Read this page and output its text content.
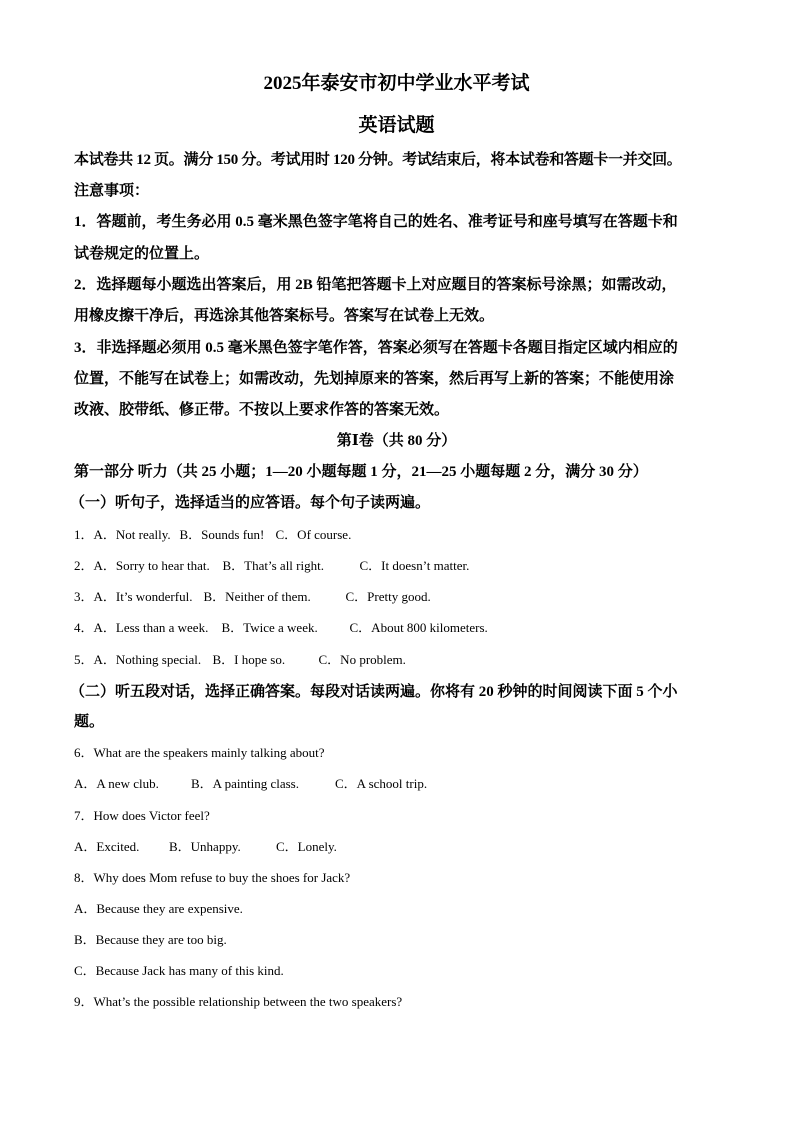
2025年泰安市初中学业水平考试
英语试题
本试卷共 12 页。满分 150 分。考试用时 120 分钟。考试结束后，将本试卷和答题卡一并交回。
注意事项：
1．答题前，考生务必用 0.5 毫米黑色签字笔将自己的姓名、准考证号和座号填写在答题卡和
试卷规定的位置上。
2．选择题每小题选出答案后，用 2B 铅笔把答题卡上对应题目的答案标号涂黑；如需改动，
用橡皮擦干净后，再选涂其他答案标号。答案写在试卷上无效。
3．非选择题必须用 0.5 毫米黑色签字笔作答，答案必须写在答题卡各题目指定区域内相应的
位置，不能写在试卷上；如需改动，先划掉原来的答案，然后再写上新的答案；不能使用涂
改液、胶带纸、修正带。不按以上要求作答的答案无效。
第Ⅰ卷（共 80 分）
第一部分 听力（共 25 小题；1—20 小题每题 1 分，21—25 小题每题 2 分，满分 30 分）
（一）听句子，选择适当的应答语。每个句子读两遍。
1．A．Not really. B．Sounds fun! C．Of course.
2．A．Sorry to hear that. B．That’s all right.	C．It doesn’t matter.
3．A．It’s wonderful. B．Neither of them.	C．Pretty good.
4．A．Less than a week. B．Twice a week. C．About 800 kilometers.
5．A．Nothing special. B．I hope so.	C．No problem.
（二）听五段对话，选择正确答案。每段对话读两遍。你将有 20 秒钟的时间阅读下面 5 个小
题。
6．What are the speakers mainly talking about?
A．A new club. B．A painting class.	C．A school trip.
7．How does Victor feel?
A．Excited. B．Unhappy.	C．Lonely.
8．Why does Mom refuse to buy the shoes for Jack?
A．Because they are expensive.
B．Because they are too big.
C．Because Jack has many of this kind.
9．What’s the possible relationship between the two speakers?
